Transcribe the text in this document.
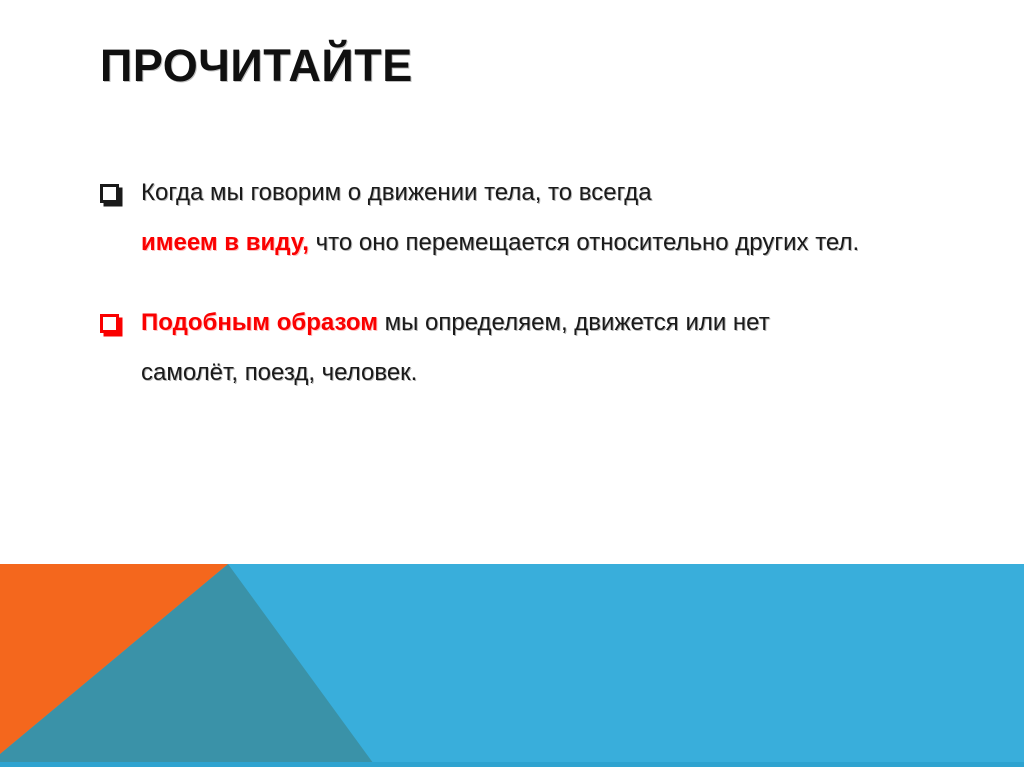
ПРОЧИТАЙТЕ
Когда мы говорим о движении тела, то всегда
имеем в виду, что оно перемещается относительно других тел.
Подобным образом мы определяем, движется или нет
самолёт, поезд, человек.
